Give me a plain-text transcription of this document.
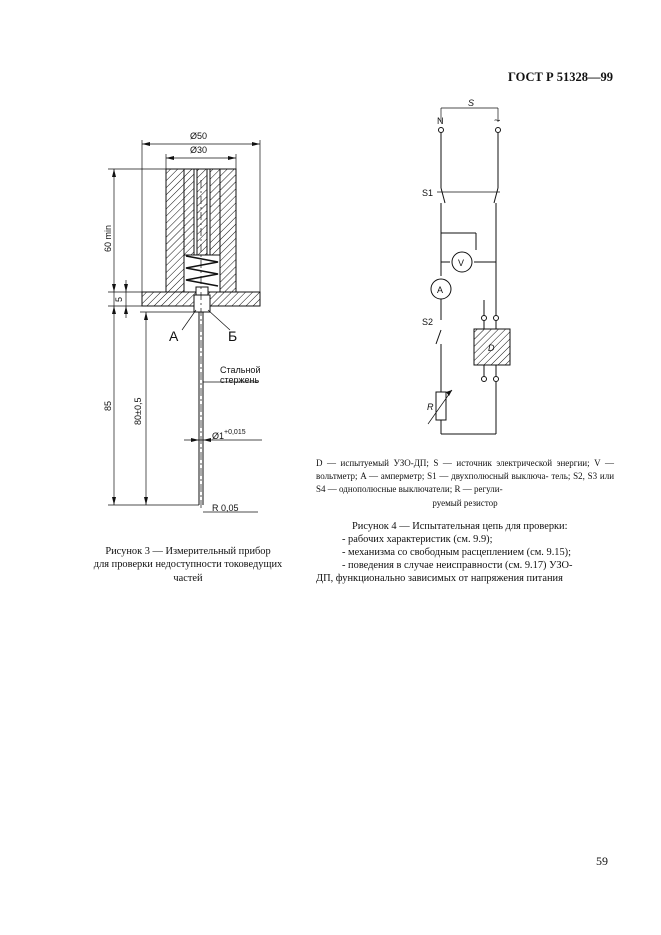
ГОСТ Р 51328—99
Ø50
Ø30
60 min
5
85 80±0,5
А	Б
Стальной
стержень
Ø1 +0,015
R 0,05
Рисунок 3 — Измерительный прибор
для проверки недоступности токоведущих
частей
S
N	~
S1
V
A
S2
D
R
D — испытуемый УЗО-ДП; S — источник электрической энергии; V — вольтметр; A — амперметр; S1 — двухполюсный выключа- тель; S2, S3 или S4 — однополюсные выключатели; R — регули-
руемый резистор
Рисунок 4 — Испытательная цепь для проверки:
- рабочих характеристик (см. 9.9);
- механизма со свободным расцеплением (см. 9.15);
- поведения в случае неисправности (см. 9.17) УЗО-
ДП, функционально зависимых от напряжения питания
59
